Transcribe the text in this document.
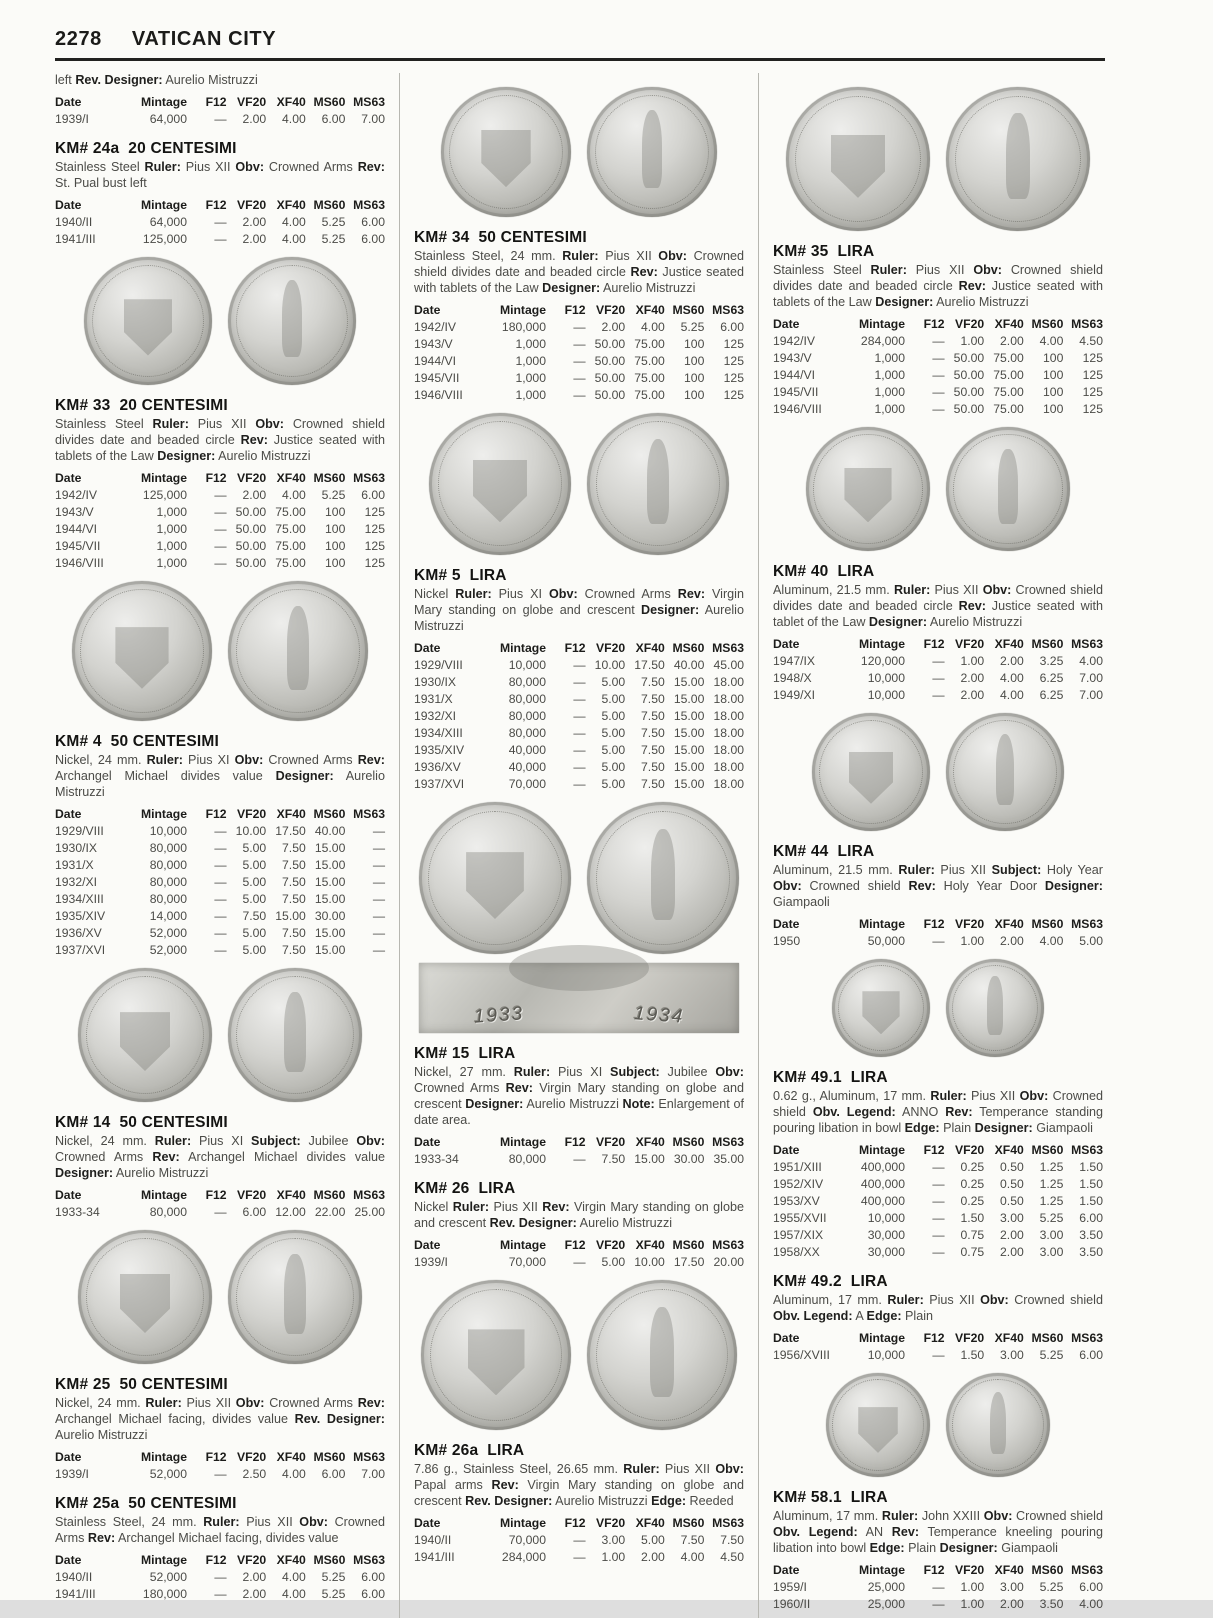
2278 VATICAN CITY

left Rev. Designer: Aurelio Mistruzzi

Date	Mintage	F12	VF20	XF40	MS60	MS63
1939/I	64,000	—	2.00	4.00	6.00	7.00
KM# 24a  20 CENTESIMI

Stainless Steel Ruler: Pius XII Obv: Crowned Arms Rev: St. Pual bust left

Date	Mintage	F12	VF20	XF40	MS60	MS63
1940/II	64,000	—	2.00	4.00	5.25	6.00
1941/III	125,000	—	2.00	4.00	5.25	6.00
KM# 33  20 CENTESIMI

Stainless Steel Ruler: Pius XII Obv: Crowned shield divides date and beaded circle Rev: Justice seated with tablets of the Law Designer: Aurelio Mistruzzi

Date	Mintage	F12	VF20	XF40	MS60	MS63
1942/IV	125,000	—	2.00	4.00	5.25	6.00
1943/V	1,000	—	50.00	75.00	100	125
1944/VI	1,000	—	50.00	75.00	100	125
1945/VII	1,000	—	50.00	75.00	100	125
1946/VIII	1,000	—	50.00	75.00	100	125
KM# 4  50 CENTESIMI

Nickel, 24 mm. Ruler: Pius XI Obv: Crowned Arms Rev: Archangel Michael divides value Designer: Aurelio Mistruzzi

Date	Mintage	F12	VF20	XF40	MS60	MS63
1929/VIII	10,000	—	10.00	17.50	40.00	—
1930/IX	80,000	—	5.00	7.50	15.00	—
1931/X	80,000	—	5.00	7.50	15.00	—
1932/XI	80,000	—	5.00	7.50	15.00	—
1934/XIII	80,000	—	5.00	7.50	15.00	—
1935/XIV	14,000	—	7.50	15.00	30.00	—
1936/XV	52,000	—	5.00	7.50	15.00	—
1937/XVI	52,000	—	5.00	7.50	15.00	—
KM# 14  50 CENTESIMI

Nickel, 24 mm. Ruler: Pius XI Subject: Jubilee Obv: Crowned Arms Rev: Archangel Michael divides value Designer: Aurelio Mistruzzi

Date	Mintage	F12	VF20	XF40	MS60	MS63
1933-34	80,000	—	6.00	12.00	22.00	25.00
KM# 25  50 CENTESIMI

Nickel, 24 mm. Ruler: Pius XII Obv: Crowned Arms Rev: Archangel Michael facing, divides value Rev. Designer: Aurelio Mistruzzi

Date	Mintage	F12	VF20	XF40	MS60	MS63
1939/I	52,000	—	2.50	4.00	6.00	7.00
KM# 25a  50 CENTESIMI

Stainless Steel, 24 mm. Ruler: Pius XII Obv: Crowned Arms Rev: Archangel Michael facing, divides value

Date	Mintage	F12	VF20	XF40	MS60	MS63
1940/II	52,000	—	2.00	4.00	5.25	6.00
1941/III	180,000	—	2.00	4.00	5.25	6.00
KM# 34  50 CENTESIMI

Stainless Steel, 24 mm. Ruler: Pius XII Obv: Crowned shield divides date and beaded circle Rev: Justice seated with tablets of the Law Designer: Aurelio Mistruzzi

Date	Mintage	F12	VF20	XF40	MS60	MS63
1942/IV	180,000	—	2.00	4.00	5.25	6.00
1943/V	1,000	—	50.00	75.00	100	125
1944/VI	1,000	—	50.00	75.00	100	125
1945/VII	1,000	—	50.00	75.00	100	125
1946/VIII	1,000	—	50.00	75.00	100	125
KM# 5  LIRA

Nickel Ruler: Pius XI Obv: Crowned Arms Rev: Virgin Mary standing on globe and crescent Designer: Aurelio Mistruzzi

Date	Mintage	F12	VF20	XF40	MS60	MS63
1929/VIII	10,000	—	10.00	17.50	40.00	45.00
1930/IX	80,000	—	5.00	7.50	15.00	18.00
1931/X	80,000	—	5.00	7.50	15.00	18.00
1932/XI	80,000	—	5.00	7.50	15.00	18.00
1934/XIII	80,000	—	5.00	7.50	15.00	18.00
1935/XIV	40,000	—	5.00	7.50	15.00	18.00
1936/XV	40,000	—	5.00	7.50	15.00	18.00
1937/XVI	70,000	—	5.00	7.50	15.00	18.00
1933	1934
KM# 15  LIRA

Nickel, 27 mm. Ruler: Pius XI Subject: Jubilee Obv: Crowned Arms Rev: Virgin Mary standing on globe and crescent Designer: Aurelio Mistruzzi Note: Enlargement of date area.

Date	Mintage	F12	VF20	XF40	MS60	MS63
1933-34	80,000	—	7.50	15.00	30.00	35.00
KM# 26  LIRA

Nickel Ruler: Pius XII Rev: Virgin Mary standing on globe and crescent Rev. Designer: Aurelio Mistruzzi

Date	Mintage	F12	VF20	XF40	MS60	MS63
1939/I	70,000	—	5.00	10.00	17.50	20.00
KM# 26a  LIRA

7.86 g., Stainless Steel, 26.65 mm. Ruler: Pius XII Obv: Papal arms Rev: Virgin Mary standing on globe and crescent Rev. Designer: Aurelio Mistruzzi Edge: Reeded

Date	Mintage	F12	VF20	XF40	MS60	MS63
1940/II	70,000	—	3.00	5.00	7.50	7.50
1941/III	284,000	—	1.00	2.00	4.00	4.50
KM# 35  LIRA

Stainless Steel Ruler: Pius XII Obv: Crowned shield divides date and beaded circle Rev: Justice seated with tablets of the Law Designer: Aurelio Mistruzzi

Date	Mintage	F12	VF20	XF40	MS60	MS63
1942/IV	284,000	—	1.00	2.00	4.00	4.50
1943/V	1,000	—	50.00	75.00	100	125
1944/VI	1,000	—	50.00	75.00	100	125
1945/VII	1,000	—	50.00	75.00	100	125
1946/VIII	1,000	—	50.00	75.00	100	125
KM# 40  LIRA

Aluminum, 21.5 mm. Ruler: Pius XII Obv: Crowned shield divides date and beaded circle Rev: Justice seated with tablet of the Law Designer: Aurelio Mistruzzi

Date	Mintage	F12	VF20	XF40	MS60	MS63
1947/IX	120,000	—	1.00	2.00	3.25	4.00
1948/X	10,000	—	2.00	4.00	6.25	7.00
1949/XI	10,000	—	2.00	4.00	6.25	7.00
KM# 44  LIRA

Aluminum, 21.5 mm. Ruler: Pius XII Subject: Holy Year Obv: Crowned shield Rev: Holy Year Door Designer: Giampaoli

Date	Mintage	F12	VF20	XF40	MS60	MS63
1950	50,000	—	1.00	2.00	4.00	5.00
KM# 49.1  LIRA

0.62 g., Aluminum, 17 mm. Ruler: Pius XII Obv: Crowned shield Obv. Legend: ANNO Rev: Temperance standing pouring libation in bowl Edge: Plain Designer: Giampaoli

Date	Mintage	F12	VF20	XF40	MS60	MS63
1951/XIII	400,000	—	0.25	0.50	1.25	1.50
1952/XIV	400,000	—	0.25	0.50	1.25	1.50
1953/XV	400,000	—	0.25	0.50	1.25	1.50
1955/XVII	10,000	—	1.50	3.00	5.25	6.00
1957/XIX	30,000	—	0.75	2.00	3.00	3.50
1958/XX	30,000	—	0.75	2.00	3.00	3.50
KM# 49.2  LIRA

Aluminum, 17 mm. Ruler: Pius XII Obv: Crowned shield Obv. Legend: A Edge: Plain

Date	Mintage	F12	VF20	XF40	MS60	MS63
1956/XVIII	10,000	—	1.50	3.00	5.25	6.00
KM# 58.1  LIRA

Aluminum, 17 mm. Ruler: John XXIII Obv: Crowned shield Obv. Legend: AN Rev: Temperance kneeling pouring libation into bowl Edge: Plain Designer: Giampaoli

Date	Mintage	F12	VF20	XF40	MS60	MS63
1959/I	25,000	—	1.00	3.00	5.25	6.00
1960/II	25,000	—	1.00	2.00	3.50	4.00
